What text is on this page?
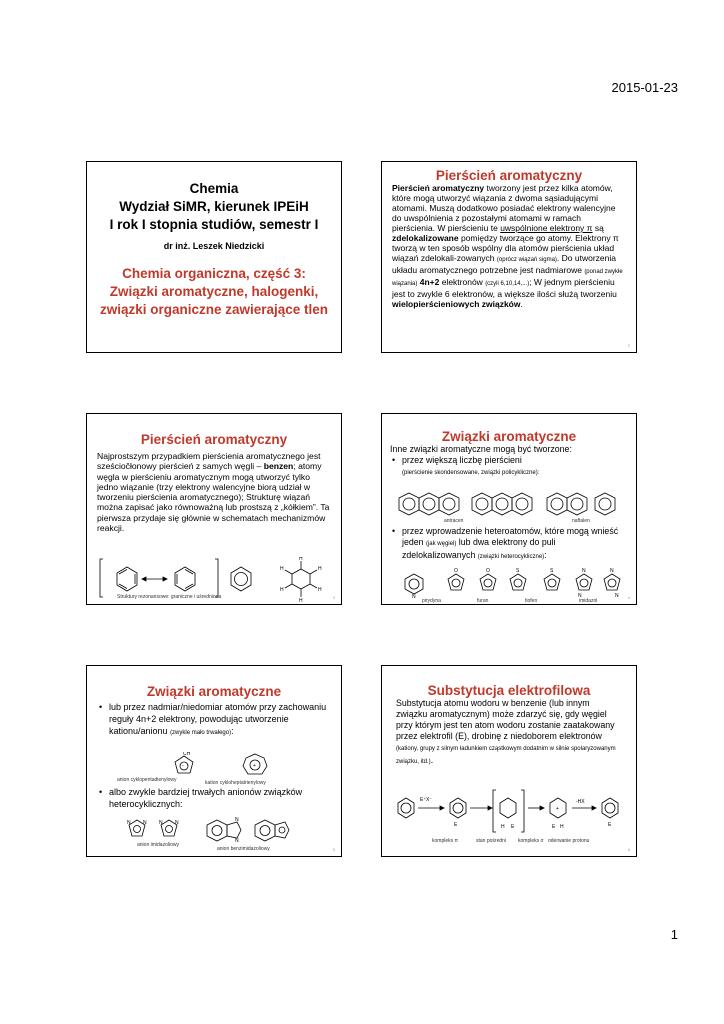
2015-01-23
Chemia
Wydział SiMR, kierunek IPEiH
I rok I stopnia studiów, semestr I
dr inż. Leszek Niedzicki
Chemia organiczna, część 3:
Związki aromatyczne, halogenki,
związki organiczne zawierające tlen
Pierścień aromatyczny
Pierścień aromatyczny tworzony jest przez kilka atomów, które mogą utworzyć wiązania z dwoma sąsiadującymi atomami. Muszą dodatkowo posiadać elektrony walencyjne do uwspólnienia z pozostałymi atomami w ramach pierścienia. W pierścieniu te uwspólnione elektrony π są zdelokalizowane pomiędzy tworzące go atomy. Elektrony π tworzą w ten sposób wspólny dla atomów pierścienia układ wiązań zdelokali-zowanych (oprócz wiązań sigma). Do utworzenia układu aromatycznego potrzebne jest nadmiarowe (ponad zwykłe wiązania) 4n+2 elektronów (czyli 6,10,14,...); W jednym pierścieniu jest to zwykle 6 elektronów, a większe ilości służą tworzeniu wielopierścieniowych związków.
2
Pierścień aromatyczny
Najprostszym przypadkiem pierścienia aromatycznego jest sześciočłonowy pierścień z samych węgli – benzen; atomy węgla w pierścieniu aromatycznym mogą utworzyć tylko jedno wiązanie (trzy elektrony walencyjne biorą udział w tworzeniu pierścienia aromatycznego); Strukturę wiązań można zapisać jako równoważną lub prostszą z „kółkiem”. Ta pierwsza przydaje się głównie w schematach mechanizmów reakcji.
H
H
H	H
H	H
Struktury rezonansowe: graniczne i uśredniona	3
Związki aromatyczne
Inne związki aromatyczne mogą być tworzone:
• przez większą liczbę pierścieni
(pierścienie skondensowane, związki policykliczne):
antracen	naftalen
• przez wprowadzenie heteroatomów, które mogą wnieść jeden (jak węgiel) lub dwa elektrony do puli zdelokalizowanych (związki heterocykliczne):
N
O	O	S	S	N
N
N
N
pirydyna	furan	tiofen	imidazol
4
Związki aromatyczne
• lub przez nadmiar/niedomiar atomów przy zachowaniu reguły 4n+2 elektrony, powodując utworzenie kationu/anionu (zwykle mało trwałego):
-
CH
+
anion cyklopentadienylowy	kation cykloheptatrienylowy
• albo zwykle bardziej trwałych anionów związków heterocyklicznych:
N N N N	N
N
anion imidazoliowy
anion benzimidazoliowy	5
Substytucja elektrofilowa
Substytucja atomu wodoru w benzenie (lub innym związku aromatycznym) może zdarzyć się, gdy węgiel przy którym jest ten atom wodoru zostanie zaatakowany przez elektrofil (E), drobinę z niedoborem elektronów (kationy, grupy z silnym ładunkiem cząstkowym dodatnim w silnie spolaryzowanym związku, itd.).
E⁺X⁻
E	H E
+
E H
-HX
E
kompleks π	stan pośredni kompleks σ oderwanie protonu
6
1
